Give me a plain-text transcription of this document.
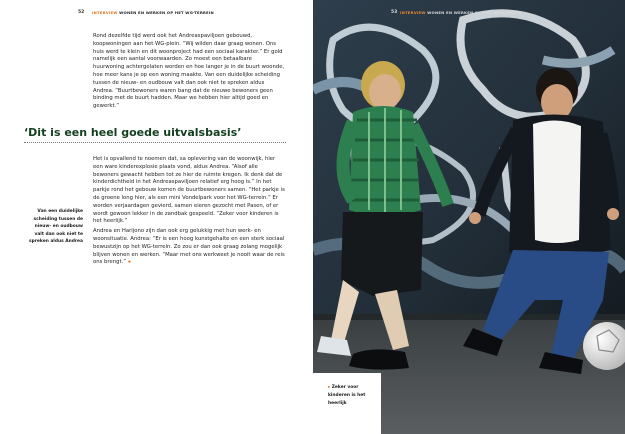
52 INTERVIEW WONEN EN WERKEN OP HET WG-TERREIN

Rond dezelfde tijd werd ook het Andreaspaviljoen gebouwd, koopwoningen aan het WG-plein. “Wij wilden daar graag wonen. Ons huis werd te klein en dit woonproject had een sociaal karakter.” Er gold namelijk een aantal voorwaarden. Zo moest een betaalbare huurwoning achtergelaten worden en hoe langer je in de buurt woonde, hoe meer kans je op een woning maakte. Van een duidelijke scheiding tussen de nieuw- en oudbouw valt dan ook niet te spreken aldus Andrea. “Buurtbewoners waren bang dat de nieuwe bewoners geen binding met de buurt hadden. Maar we hebben hier altijd goed en gewerkt.”

‘Dit is een heel goede uitvalsbasis’

Het is opvallend te noemen dat, sa oplevering van de woonwijk, hier een ware kinderexplosie plaats vond, aldus Andrea. “Alsof alle bewoners gewacht hebben tot ze hier de ruimte kregen. Ik denk dat de kinderdichtheid in het Andreaspaviljoen relatief erg hoog is.” In het parkje rond het gebouw komen de buurtbewoners samen. “Het parkje is de groene long hier, als een mini Vondelpark voor het WG-terrein.” Er worden verjaardagen gevierd, samen eieren gezocht met Pasen, of er wordt gewoon lekker in de zandbak gespeeld. “Zeker voor kinderen is het heerlijk.”

Andrea en Harijono zijn dan ook erg gelukkig met hun werk- en woonsituatie. Andrea: “Er is een hoog kunstgehalte en een sterk sociaal bewustzijn op het WG-terrein. Zo zou er dan ook graag zolang mogelijk blijven wonen en werken. “Maar met ons werkweet je nooit waar de reis ons brengt.” ◂

Van een duidelijke scheiding tussen de nieuw- en oudbouw valt dan ook niet te spreken aldus Andrea
53 INTERVIEW WONEN EN WERKEN OP HET WG-TERREIN
▸ Zeker voor kinderen is het heerlijk
